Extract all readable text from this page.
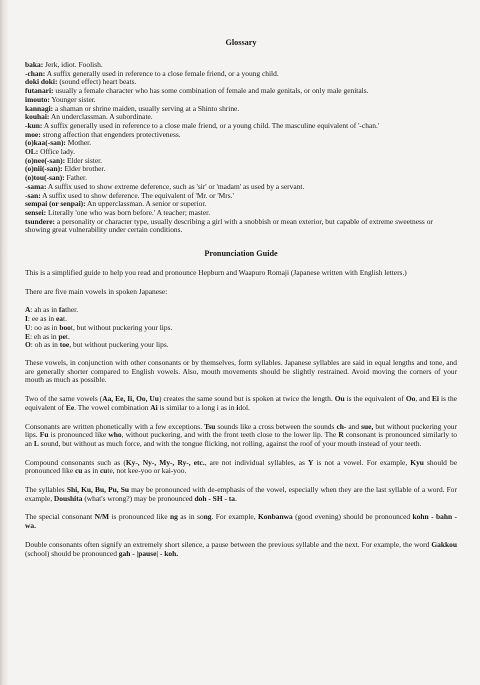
Glossary
baka: Jerk, idiot. Foolish.
-chan: A suffix generally used in reference to a close female friend, or a young child.
doki doki: (sound effect) heart beats.
futanari: usually a female character who has some combination of female and male genitals, or only male genitals.
imouto: Younger sister.
kannagi: a shaman or shrine maiden, usually serving at a Shinto shrine.
kouhai: An underclassman. A subordinate.
-kun: A suffix generally used in reference to a close male friend, or a young child. The masculine equivalent of '-chan.'
moe: strong affection that engenders protectiveness.
(o)kaa(-san): Mother.
OL: Office lady.
(o)nee(-san): Elder sister.
(o)nii(-san): Elder brother.
(o)tou(-san): Father.
-sama: A suffix used to show extreme deference, such as 'sir' or 'madam' as used by a servant.
-san: A suffix used to show deference. The equivalent of 'Mr. or 'Mrs.'
sempai (or senpai): An upperclassman. A senior or superior.
sensei: Literally 'one who was born before.' A teacher; master.
tsundere: a personality or character type, usually describing a girl with a snobbish or mean exterior, but capable of extreme sweetness or showing great vulnerability under certain conditions.
Pronunciation Guide

This is a simplified guide to help you read and pronounce Hepburn and Waapuro Romaji (Japanese written with English letters.)

There are five main vowels in spoken Japanese:
A: ah as in father.
I: ee as in eat.
U: oo as in boot, but without puckering your lips.
E: eh as in pet.
O: oh as in toe, but without puckering your lips.

These vowels, in conjunction with other consonants or by themselves, form syllables. Japanese syllables are said in equal lengths and tone, and are generally shorter compared to English vowels. Also, mouth movements should be slightly restrained. Avoid moving the corners of your mouth as much as possible.

Two of the same vowels (Aa, Ee, Ii, Oo, Uu) creates the same sound but is spoken at twice the length. Ou is the equivalent of Oo, and Ei is the equivalent of Ee. The vowel combination Ai is similar to a long i as in idol.

Consonants are written phonetically with a few exceptions. Tsu sounds like a cross between the sounds ch- and sue, but without puckering your lips. Fu is pronounced like who, without puckering, and with the front teeth close to the lower lip. The R consonant is pronounced similarly to an L sound, but without as much force, and with the tongue flicking, not rolling, against the roof of your mouth instead of your teeth.

Compound consonants such as (Ky-, Ny-, My-, Ry-, etc., are not individual syllables, as Y is not a vowel. For example, Kyu should be pronounced like cu as in cute, not kee-yoo or kai-yoo.

The syllables Shi, Ku, Bu, Pu, Su may be pronounced with de-emphasis of the vowel, especially when they are the last syllable of a word. For example, Doushita (what's wrong?) may be pronounced doh - SH - ta.

The special consonant N/M is pronounced like ng as in song. For example, Konbanwa (good evening) should be pronounced kohn - bahn - wa.

Double consonants often signify an extremely short silence, a pause between the previous syllable and the next. For example, the word Gakkou (school) should be pronounced gah - |pause| - koh.
